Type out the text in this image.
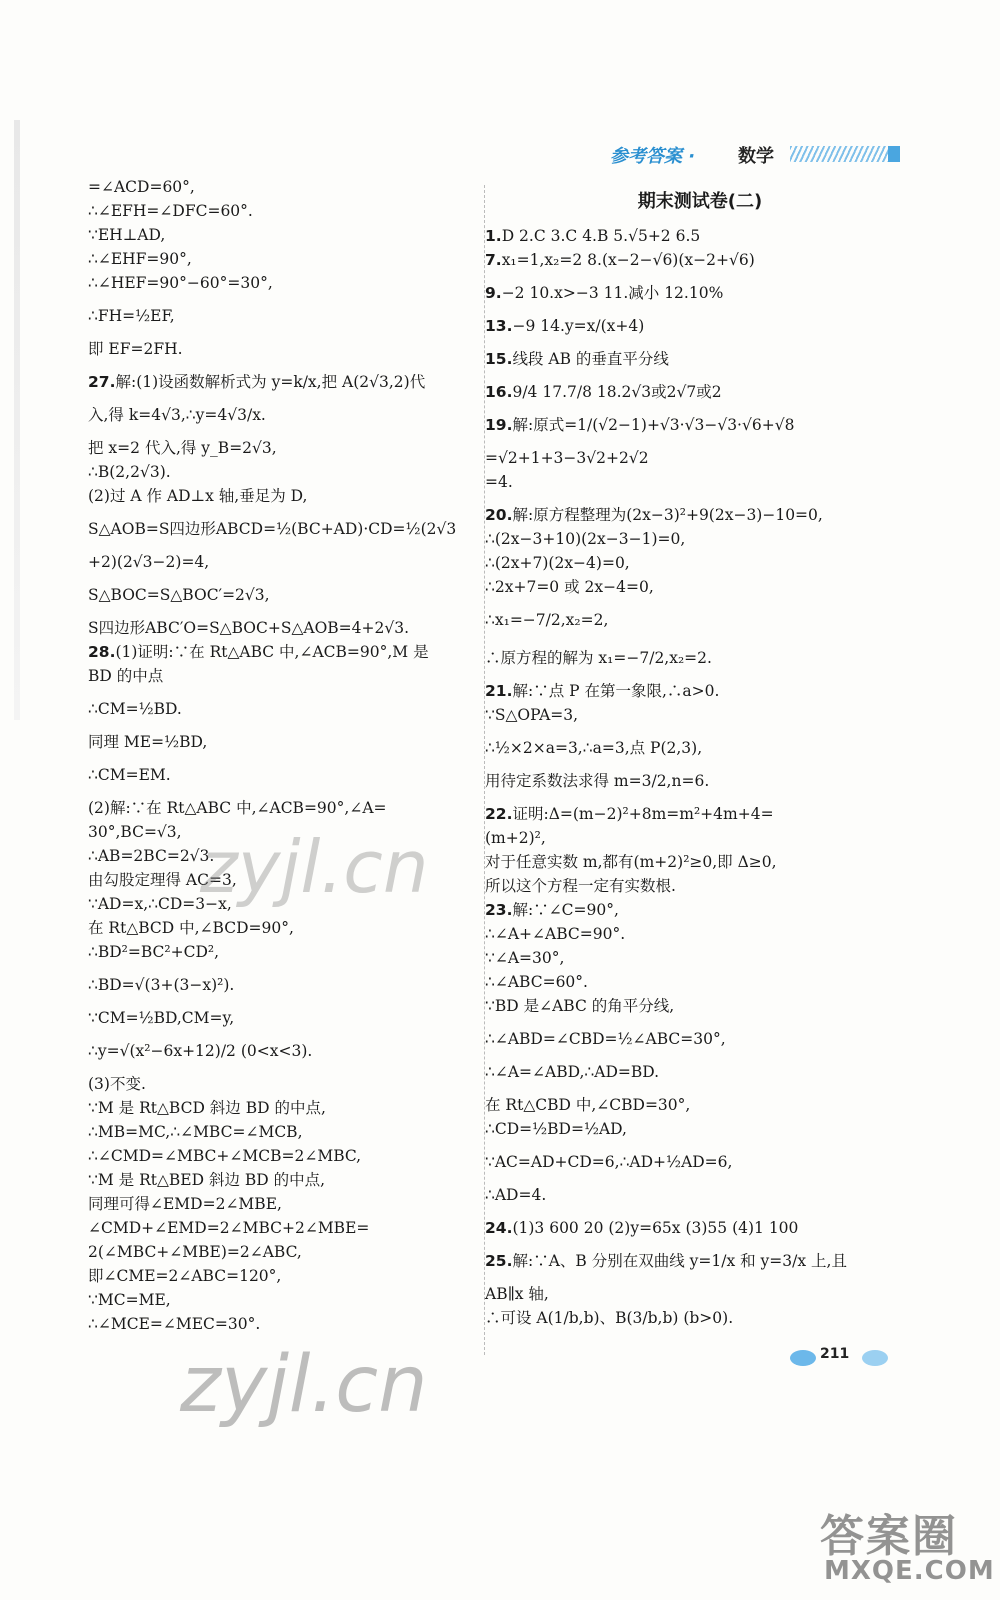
参考答案 · 数学
=∠ACD=60°,
∴∠EFH=∠DFC=60°.
∵EH⊥AD,
∴∠EHF=90°,
∴∠HEF=90°−60°=30°,
∴FH=½EF,
即 EF=2FH.
27.解:(1)设函数解析式为 y=k/x,把 A(2√3,2)代
入,得 k=4√3,∴y=4√3/x.
把 x=2 代入,得 y_B=2√3,
∴B(2,2√3).
(2)过 A 作 AD⊥x 轴,垂足为 D,
S△AOB=S四边形ABCD=½(BC+AD)·CD=½(2√3
+2)(2√3−2)=4,
S△BOC=S△BOC′=2√3,
S四边形ABC′O=S△BOC+S△AOB=4+2√3.
28.(1)证明:∵在 Rt△ABC 中,∠ACB=90°,M 是
BD 的中点
∴CM=½BD.
同理 ME=½BD,
∴CM=EM.
(2)解:∵在 Rt△ABC 中,∠ACB=90°,∠A=
30°,BC=√3,
∴AB=2BC=2√3.
由勾股定理得 AC=3,
∵AD=x,∴CD=3−x,
在 Rt△BCD 中,∠BCD=90°,
∴BD²=BC²+CD²,
∴BD=√(3+(3−x)²).
∵CM=½BD,CM=y,
∴y=√(x²−6x+12)/2 (0<x<3).
(3)不变.
∵M 是 Rt△BCD 斜边 BD 的中点,
∴MB=MC,∴∠MBC=∠MCB,
∴∠CMD=∠MBC+∠MCB=2∠MBC,
∵M 是 Rt△BED 斜边 BD 的中点,
同理可得∠EMD=2∠MBE,
∠CMD+∠EMD=2∠MBC+2∠MBE=
2(∠MBC+∠MBE)=2∠ABC,
即∠CME=2∠ABC=120°,
∵MC=ME,
∴∠MCE=∠MEC=30°.
期末测试卷(二)
1.D 2.C 3.C 4.B 5.√5+2 6.5
7.x₁=1,x₂=2 8.(x−2−√6)(x−2+√6)
9.−2 10.x>−3 11.减小 12.10%
13.−9 14.y=x/(x+4)
15.线段 AB 的垂直平分线
16.9/4 17.7/8 18.2√3或2√7或2
19.解:原式=1/(√2−1)+√3·√3−√3·√6+√8
=√2+1+3−3√2+2√2
=4.
20.解:原方程整理为(2x−3)²+9(2x−3)−10=0,
∴(2x−3+10)(2x−3−1)=0,
∴(2x+7)(2x−4)=0,
∴2x+7=0 或 2x−4=0,
∴x₁=−7/2,x₂=2,
∴原方程的解为 x₁=−7/2,x₂=2.
21.解:∵点 P 在第一象限,∴a>0.
∵S△OPA=3,
∴½×2×a=3,∴a=3,点 P(2,3),
用待定系数法求得 m=3/2,n=6.
22.证明:Δ=(m−2)²+8m=m²+4m+4=
(m+2)²,
对于任意实数 m,都有(m+2)²≥0,即 Δ≥0,
所以这个方程一定有实数根.
23.解:∵∠C=90°,
∴∠A+∠ABC=90°.
∵∠A=30°,
∴∠ABC=60°.
∵BD 是∠ABC 的角平分线,
∴∠ABD=∠CBD=½∠ABC=30°,
∴∠A=∠ABD,∴AD=BD.
在 Rt△CBD 中,∠CBD=30°,
∴CD=½BD=½AD,
∵AC=AD+CD=6,∴AD+½AD=6,
∴AD=4.
24.(1)3 600 20 (2)y=65x (3)55 (4)1 100
25.解:∵A、B 分别在双曲线 y=1/x 和 y=3/x 上,且
AB∥x 轴,
∴可设 A(1/b,b)、B(3/b,b) (b>0).
211
zyjl.cn
zyjl.cn
答案圈
MXQE.COM
